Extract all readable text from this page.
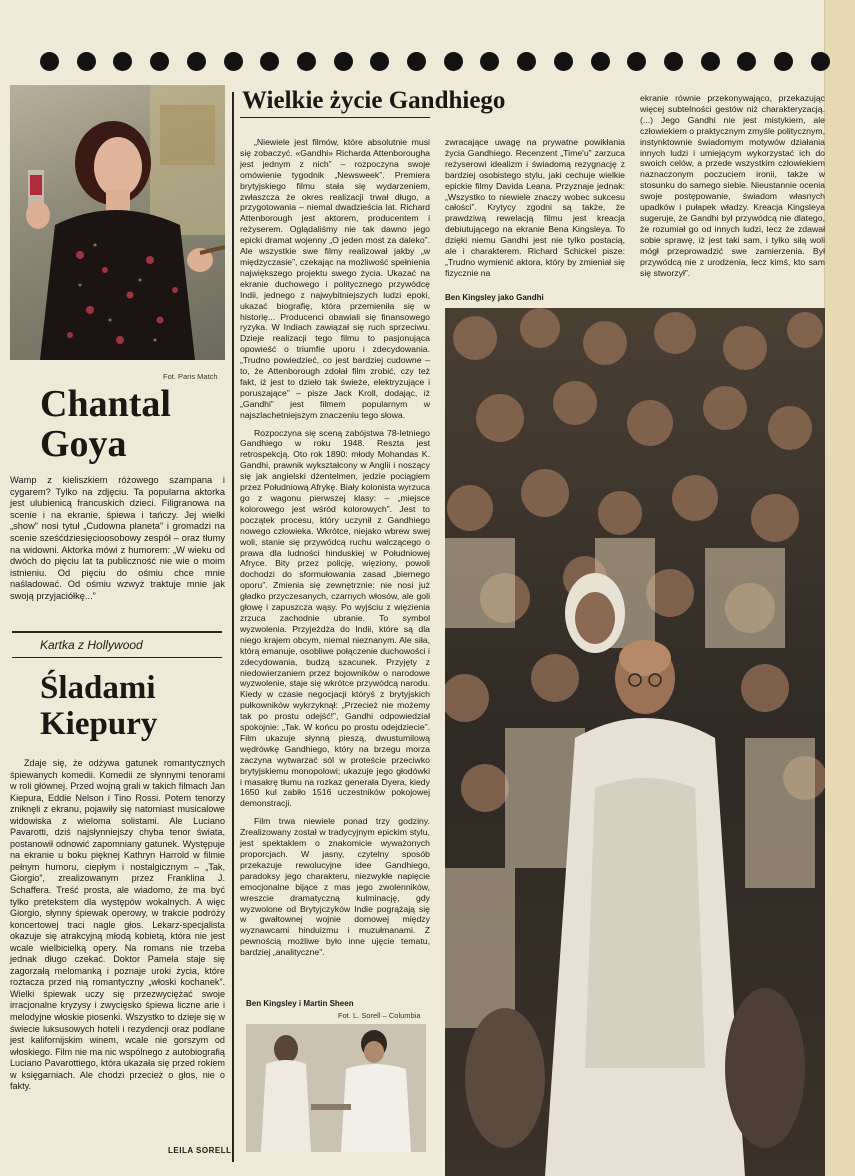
Fot. Paris Match
Chantal
Goya

Wamp z kieliszkiem różowego szampana i cygarem? Tylko na zdjęciu. Ta popularna aktorka jest ulubienicą francuskich dzieci. Filigranowa na scenie i na ekranie, śpiewa i tańczy. Jej wielki „show” nosi tytuł „Cudowna planeta” i gromadzi na scenie sześćdziesięcioosobowy zespół – oraz tłumy na widowni. Aktorka mówi z humorem: „W wieku od dwóch do pięciu lat ta publiczność nie wie o moim istnieniu. Od pięciu do ośmiu chce mnie naśladować. Od ośmiu wzwyż traktuje mnie jak swoją przyjaciółkę...”

Kartka z Hollywood
Śladami
Kiepury

Zdaje się, że odżywa gatunek romantycznych śpiewanych komedii. Komedii ze słynnymi tenorami w roli głównej. Przed wojną grali w takich filmach Jan Kiepura, Eddie Nelson i Tino Rossi. Potem tenorzy zniknęli z ekranu, pojawiły się natomiast musicalowe widowiska z wieloma solistami. Ale Luciano Pavarotti, dziś najsłynniejszy chyba tenor świata, postanowił odnowić zapomniany gatunek. Występuje na ekranie u boku pięknej Kathryn Harrold w filmie pełnym humoru, ciepłym i nostalgicznym – „Tak, Giorgio”, zrealizowanym przez Franklina J. Schaffera. Treść prosta, ale wiadomo, że ma być tylko pretekstem dla występów wokalnych. A więc Giorgio, słynny śpiewak operowy, w trakcie podróży koncertowej traci nagle głos. Lekarz-specjalista okazuje się atrakcyjną młodą kobietą, która nie jest wcale wielbicielką opery. Na romans nie trzeba jednak długo czekać. Doktor Pamela staje się zagorzałą melomanką i poznaje uroki życia, które roztacza przed nią romantyczny „włoski kochanek”. Wielki śpiewak uczy się przezwyciężać swoje irracjonalne kryzysy i zwycięsko śpiewa liczne arie i melodyjne włoskie piosenki. Wszystko to dzieje się w świecie luksusowych hoteli i rezydencji oraz podlane jest kalifornijskim winem, wcale nie gorszym od włoskiego. Film nie ma nic wspólnego z autobiografią Luciano Pavarottiego, która ukazała się przed rokiem w księgarniach. Ale chodzi przecież o głos, nie o fakty.

LEILA SORELL
Wielkie życie Gandhiego

„Niewiele jest filmów, które absolutnie musi się zobaczyć. «Gandhi» Richarda Attenborougha jest jednym z nich” – rozpoczyna swoje omówienie tygodnik „Newsweek”. Premiera brytyjskiego filmu stała się wydarzeniem, zwłaszcza że okres realizacji trwał długo, a przygotowania – niemal dwadzieścia lat. Richard Attenborough jest aktorem, producentem i reżyserem. Oglądaliśmy nie tak dawno jego epicki dramat wojenny „O jeden most za daleko”. Ale wszystkie swe filmy realizował jakby „w międzyczasie”, czekając na możliwość spełnienia największego projektu swego życia. Ukazać na ekranie duchowego i politycznego przywódcę Indii, jednego z najwybitniejszych ludzi epoki, ukazać biografię, która przemieniła się w historię... Producenci obawiali się finansowego ryzyka. W Indiach zawiązał się ruch sprzeciwu. Dzieje realizacji tego filmu to pasjonująca opowieść o triumfie uporu i zdecydowania. „Trudno powiedzieć, co jest bardziej cudowne – to, że Attenborough zdołał film zrobić, czy też fakt, iż jest to dzieło tak świeże, elektryzujące i poruszające” – pisze Jack Kroll, dodając, iż „Gandhi” jest filmem popularnym w najszlachetniejszym znaczeniu tego słowa.

Rozpoczyna się sceną zabójstwa 78-letniego Gandhiego w roku 1948. Reszta jest retrospekcją. Oto rok 1890: młody Mohandas K. Gandhi, prawnik wykształcony w Anglii i noszący się jak angielski dżentelmen, jedzie pociągiem przez Południową Afrykę. Biały kolonista wyrzuca go z wagonu pierwszej klasy: – „miejsce kolorowego jest wśród kolorowych”. Jest to początek procesu, który uczynił z Gandhiego nowego człowieka. Wkrótce, niejako wbrew swej woli, stanie się przywódcą ruchu walczącego o prawa dla ludności hinduskiej w Południowej Afryce. Bity przez policję, więziony, powoli dochodzi do sformułowania zasad „biernego oporu”. Zmienia się zewnętrznie: nie nosi już gładko przyczesanych, czarnych włosów, ale goli głowę i zapuszcza wąsy. Po wyjściu z więzienia zrzuca zachodnie ubranie. To symbol wyzwolenia. Przyjeżdża do Indii, które są dla niego krajem obcym, niemal nieznanym. Ale siła, którą emanuje, osobliwe połączenie duchowości i zdecydowania, budzą szacunek. Przyjęty z niedowierzaniem przez bojowników o narodowe wyzwolenie, staje się wkrótce przywódcą narodu. Kiedy w czasie negocjacji któryś z brytyjskich pułkowników wykrzyknął: „Przecież nie możemy tak po prostu odejść!”, Gandhi odpowiedział spokojnie: „Tak. W końcu po prostu odejdziecie”. Film ukazuje słynną pieszą, dwustumilową wędrówkę Gandhiego, który na brzegu morza zaczyna wytwarzać sól w proteście przeciwko brytyjskiemu monopolowi; ukazuje jego głodówki i masakrę tłumu na rozkaz generała Dyera, kiedy 1650 kul zabiło 1516 uczestników pokojowej demonstracji.

Film trwa niewiele ponad trzy godziny. Zrealizowany został w tradycyjnym epickim stylu, jest spektaklem o znakomicie wyważonych proporcjach. W jasny, czytelny sposób przekazuje rewolucyjne idee Gandhiego, paradoksy jego charakteru, niezwykłe napięcie emocjonalne bijące z mas jego zwolenników, wreszcie dramatyczną kulminację, gdy wyzwolone od Brytyjczyków Indie pogrążają się w gwałtownej wojnie domowej między wyznawcami hinduizmu i muzułmanami. Z pewnością możliwe było inne ujęcie tematu, bardziej „analityczne”.

zwracające uwagę na prywatne powikłania życia Gandhiego. Recenzent „Time'u” zarzuca reżyserowi idealizm i świadomą rezygnację z bardziej osobistego stylu, jaki cechuje wielkie epickie filmy Davida Leana. Przyznaje jednak: „Wszystko to niewiele znaczy wobec sukcesu całości”. Krytycy zgodni są także, że prawdziwą rewelacją filmu jest kreacja debiutującego na ekranie Bena Kingsleya. To dzięki niemu Gandhi jest nie tylko postacią, ale i charakterem. Richard Schickel pisze: „Trudno wymienić aktora, który by zmieniał się fizycznie na

ekranie równie przekonywająco, przekazując więcej subtelności gestów niż charakteryzacją. (...) Jego Gandhi nie jest mistykiem, ale człowiekiem o praktycznym zmyśle politycznym, instynktownie świadomym motywów działania innych ludzi i umiejącym wykorzystać ich do swoich celów, a przede wszystkim człowiekiem naznaczonym poczuciem ironii, także w stosunku do samego siebie. Nieustannie ocenia swoje postępowanie, świadom własnych upadków i pułapek władzy. Kreacja Kingsleya sugeruje, że Gandhi był przywódcą nie dlatego, że rozumiał go od innych ludzi, lecz że zdawał sobie sprawę, iż jest taki sam, i tylko siłą woli mógł przeprowadzić swe zamierzenia. Był przywódcą nie z urodzenia, lecz kimś, kto sam się stworzył”.

Ben Kingsley jako Gandhi
Ben Kingsley i Martin Sheen
Fot. L. Sorell – Columbia
